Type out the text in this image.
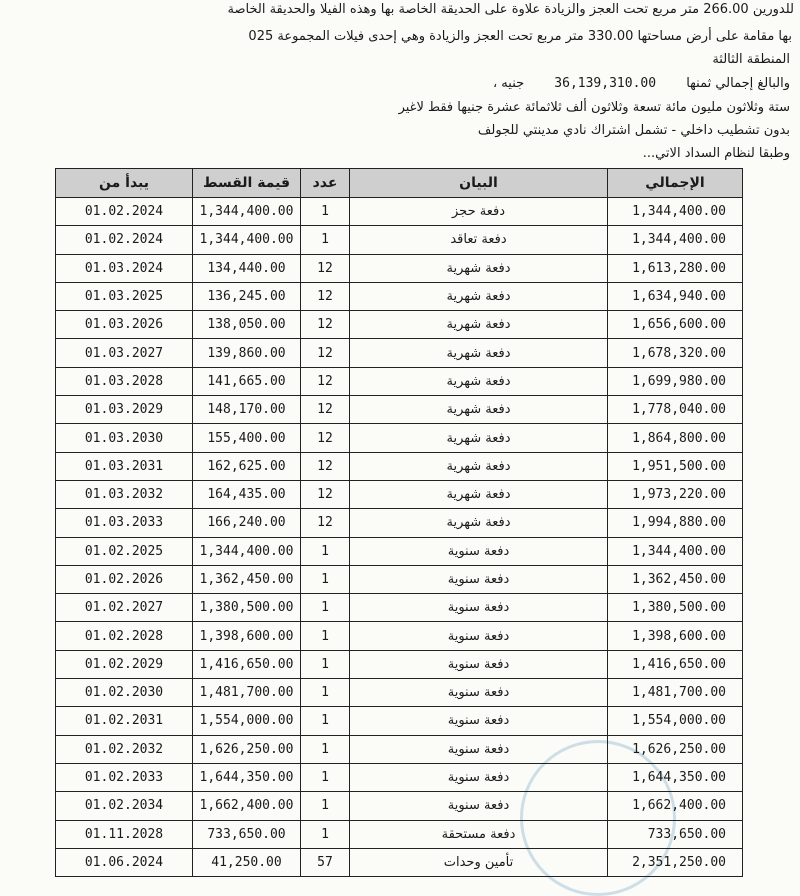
للدورين 266.00 متر مربع تحت العجز والزيادة علاوة على الحديقة الخاصة بها وهذه الفيلا والحديقة الخاصة
بها مقامة على أرض مساحتها 330.00 متر مربع تحت العجز والزيادة وهي إحدى فيلات المجموعة 025
المنطقة الثالثة
والبالغ إجمالي ثمنها 36,139,310.00 جنيه ،
ستة وثلاثون مليون مائة تسعة وثلاثون ألف ثلاثمائة عشرة جنيها فقط لاغير
بدون تشطيب داخلي - تشمل اشتراك نادي مدينتي للجولف
وطبقا لنظام السداد الاتي...
يبدأ من	قيمة القسط	عدد	البيان	الإجمالي
01.02.2024	1,344,400.00	1	دفعة حجز	1,344,400.00
01.02.2024	1,344,400.00	1	دفعة تعاقد	1,344,400.00
01.03.2024	134,440.00	12	دفعة شهرية	1,613,280.00
01.03.2025	136,245.00	12	دفعة شهرية	1,634,940.00
01.03.2026	138,050.00	12	دفعة شهرية	1,656,600.00
01.03.2027	139,860.00	12	دفعة شهرية	1,678,320.00
01.03.2028	141,665.00	12	دفعة شهرية	1,699,980.00
01.03.2029	148,170.00	12	دفعة شهرية	1,778,040.00
01.03.2030	155,400.00	12	دفعة شهرية	1,864,800.00
01.03.2031	162,625.00	12	دفعة شهرية	1,951,500.00
01.03.2032	164,435.00	12	دفعة شهرية	1,973,220.00
01.03.2033	166,240.00	12	دفعة شهرية	1,994,880.00
01.02.2025	1,344,400.00	1	دفعة سنوية	1,344,400.00
01.02.2026	1,362,450.00	1	دفعة سنوية	1,362,450.00
01.02.2027	1,380,500.00	1	دفعة سنوية	1,380,500.00
01.02.2028	1,398,600.00	1	دفعة سنوية	1,398,600.00
01.02.2029	1,416,650.00	1	دفعة سنوية	1,416,650.00
01.02.2030	1,481,700.00	1	دفعة سنوية	1,481,700.00
01.02.2031	1,554,000.00	1	دفعة سنوية	1,554,000.00
01.02.2032	1,626,250.00	1	دفعة سنوية	1,626,250.00
01.02.2033	1,644,350.00	1	دفعة سنوية	1,644,350.00
01.02.2034	1,662,400.00	1	دفعة سنوية	1,662,400.00
01.11.2028	733,650.00	1	دفعة مستحقة	733,650.00
01.06.2024	41,250.00	57	تأمين وحدات	2,351,250.00
